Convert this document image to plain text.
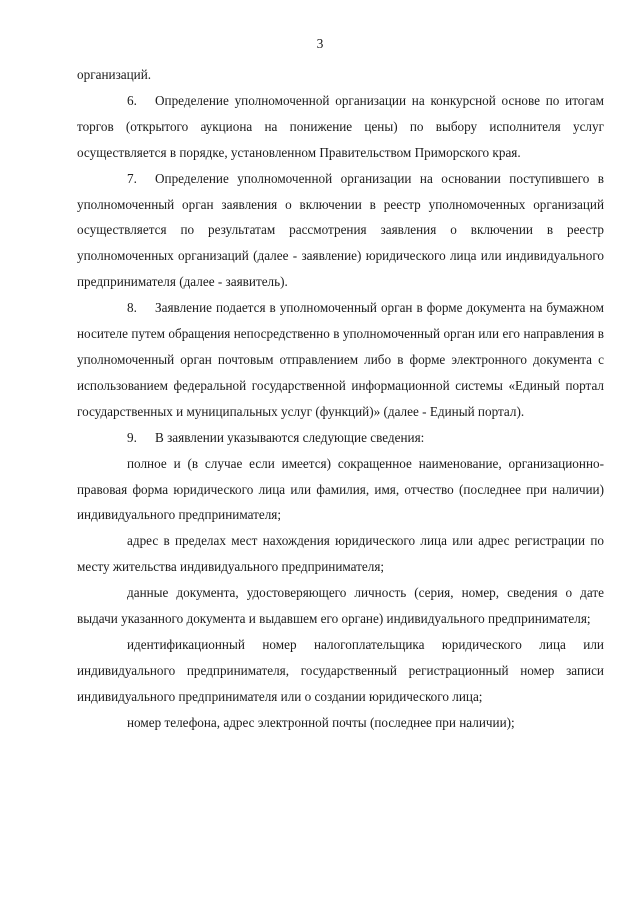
3

организаций.

6. Определение уполномоченной организации на конкурсной основе по итогам торгов (открытого аукциона на понижение цены) по выбору исполнителя услуг осуществляется в порядке, установленном Правительством Приморского края.

7. Определение уполномоченной организации на основании поступившего в уполномоченный орган заявления о включении в реестр уполномоченных организаций осуществляется по результатам рассмотрения заявления о включении в реестр уполномоченных организаций (далее - заявление) юридического лица или индивидуального предпринимателя (далее - заявитель).

8. Заявление подается в уполномоченный орган в форме документа на бумажном носителе путем обращения непосредственно в уполномоченный орган или его направления в уполномоченный орган почтовым отправлением либо в форме электронного документа с использованием федеральной государственной информационной системы «Единый портал государственных и муниципальных услуг (функций)» (далее - Единый портал).

9. В заявлении указываются следующие сведения:

полное и (в случае если имеется) сокращенное наименование, организационно-правовая форма юридического лица или фамилия, имя, отчество (последнее при наличии) индивидуального предпринимателя;

адрес в пределах мест нахождения юридического лица или адрес регистрации по месту жительства индивидуального предпринимателя;

данные документа, удостоверяющего личность (серия, номер, сведения о дате выдачи указанного документа и выдавшем его органе) индивидуального предпринимателя;

идентификационный номер налогоплательщика юридического лица или индивидуального предпринимателя, государственный регистрационный номер записи индивидуального предпринимателя или о создании юридического лица;

номер телефона, адрес электронной почты (последнее при наличии);
